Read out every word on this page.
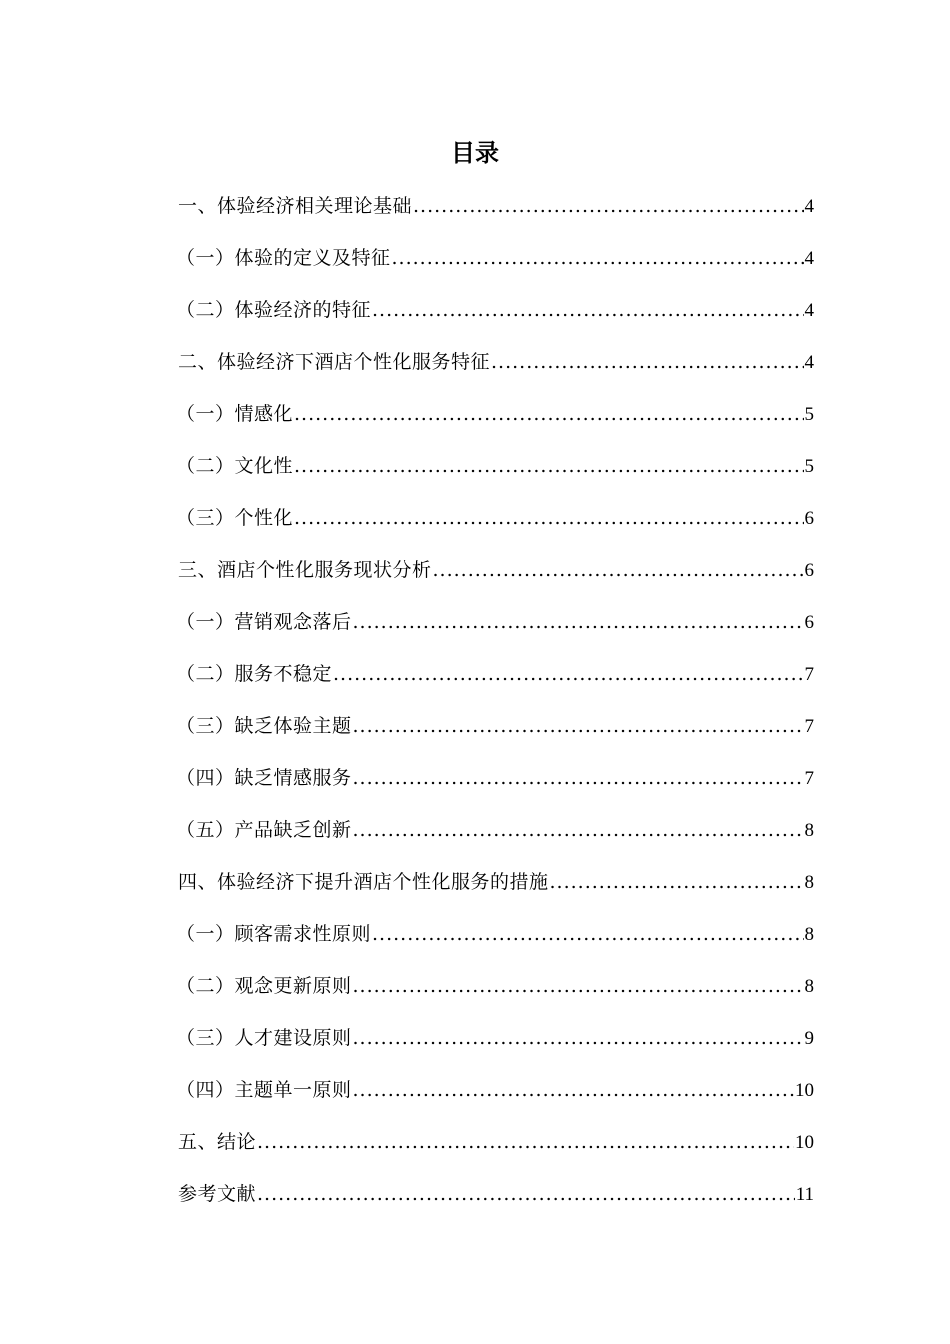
目录
一、体验经济相关理论基础 .....	4
（一）体验的定义及特征 .....	4
（二）体验经济的特征 .....	4
二、体验经济下酒店个性化服务特征 .....	4
（一）情感化 .....	5
（二）文化性 .....	5
（三）个性化 .....	6
三、酒店个性化服务现状分析 .....	6
（一）营销观念落后 .....	6
（二）服务不稳定 .....	7
（三）缺乏体验主题 .....	7
（四）缺乏情感服务 .....	7
（五）产品缺乏创新 .....	8
四、体验经济下提升酒店个性化服务的措施 .....	8
（一）顾客需求性原则 .....	8
（二）观念更新原则 .....	8
（三）人才建设原则 .....	9
（四）主题单一原则 .....	10
五、结论 .....	10
参考文献 .....	11
